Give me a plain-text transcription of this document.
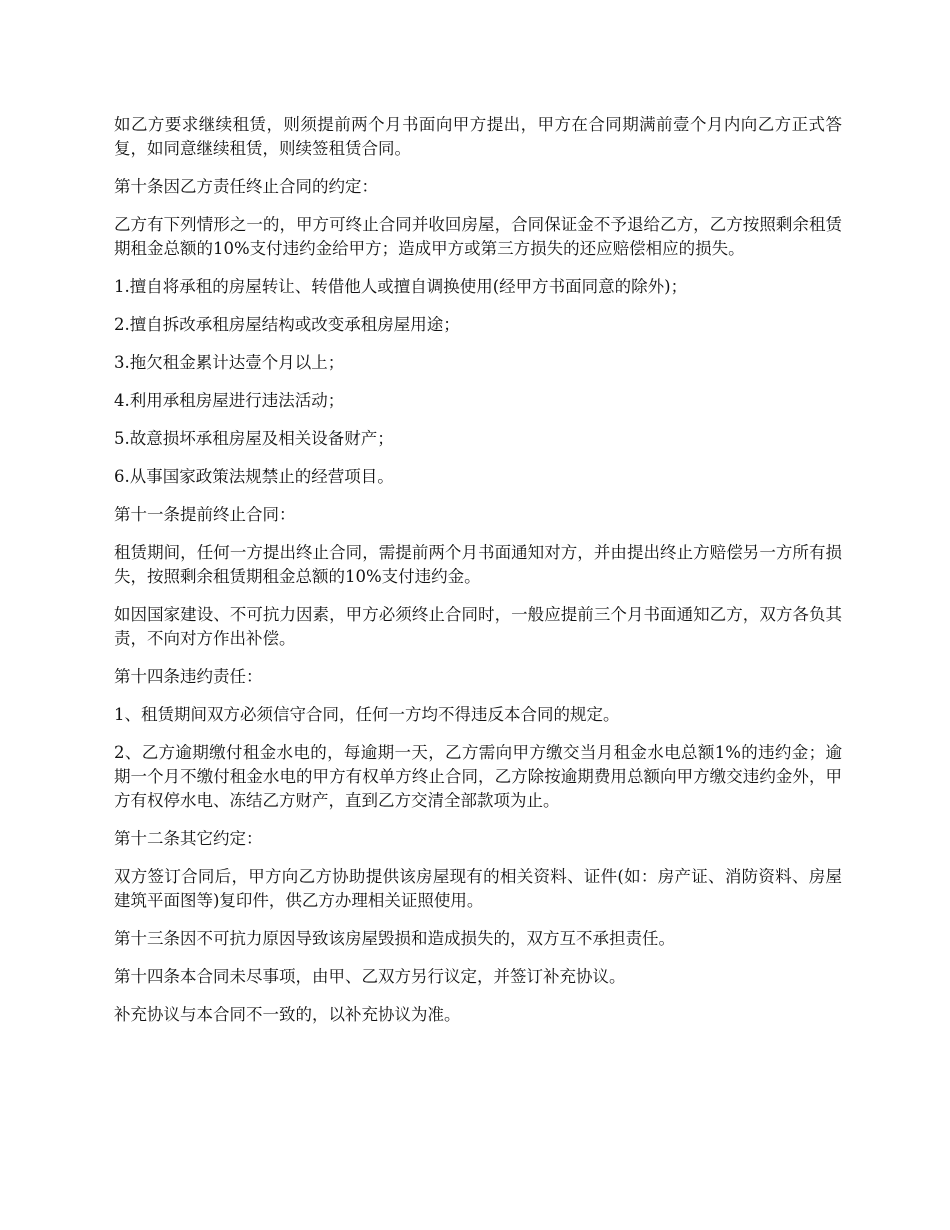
如乙方要求继续租赁，则须提前两个月书面向甲方提出，甲方在合同期满前壹个月内向乙方正式答复，如同意继续租赁，则续签租赁合同。

第十条因乙方责任终止合同的约定：

乙方有下列情形之一的，甲方可终止合同并收回房屋，合同保证金不予退给乙方，乙方按照剩余租赁期租金总额的10%支付违约金给甲方；造成甲方或第三方损失的还应赔偿相应的损失。

1.擅自将承租的房屋转让、转借他人或擅自调换使用(经甲方书面同意的除外)；

2.擅自拆改承租房屋结构或改变承租房屋用途；

3.拖欠租金累计达壹个月以上；

4.利用承租房屋进行违法活动；

5.故意损坏承租房屋及相关设备财产；

6.从事国家政策法规禁止的经营项目。

第十一条提前终止合同：

租赁期间，任何一方提出终止合同，需提前两个月书面通知对方，并由提出终止方赔偿另一方所有损失，按照剩余租赁期租金总额的10%支付违约金。

如因国家建设、不可抗力因素，甲方必须终止合同时，一般应提前三个月书面通知乙方，双方各负其责，不向对方作出补偿。

第十四条违约责任：

1、租赁期间双方必须信守合同，任何一方均不得违反本合同的规定。

2、乙方逾期缴付租金水电的，每逾期一天，乙方需向甲方缴交当月租金水电总额1%的违约金；逾期一个月不缴付租金水电的甲方有权单方终止合同，乙方除按逾期费用总额向甲方缴交违约金外，甲方有权停水电、冻结乙方财产，直到乙方交清全部款项为止。

第十二条其它约定：

双方签订合同后，甲方向乙方协助提供该房屋现有的相关资料、证件(如：房产证、消防资料、房屋建筑平面图等)复印件，供乙方办理相关证照使用。

第十三条因不可抗力原因导致该房屋毁损和造成损失的，双方互不承担责任。

第十四条本合同未尽事项，由甲、乙双方另行议定，并签订补充协议。

补充协议与本合同不一致的，以补充协议为准。
